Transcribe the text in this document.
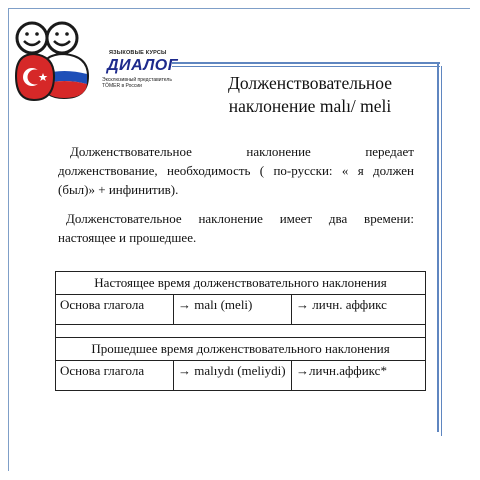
ЯЗЫКОВЫЕ КУРСЫ
ДИАЛОГ
Эксклюзивный представитель
TÖMER в России	Долженствовательное
наклонение malı/ meli
Долженствовательное наклонение передает долженствование, необходимость ( по-русски: « я должен (был)» + инфинитив).
Долженстовательное наклонение имеет два времени: настоящее и прошедшее.
Настоящее время долженствовательного наклонения		
Основа глагола	→ malı (meli)	→ личн. аффикс

Прошедшее время долженствовательного наклонения		
Основа глагола	→ malıydı (meliydi)	→личн.аффикс*
